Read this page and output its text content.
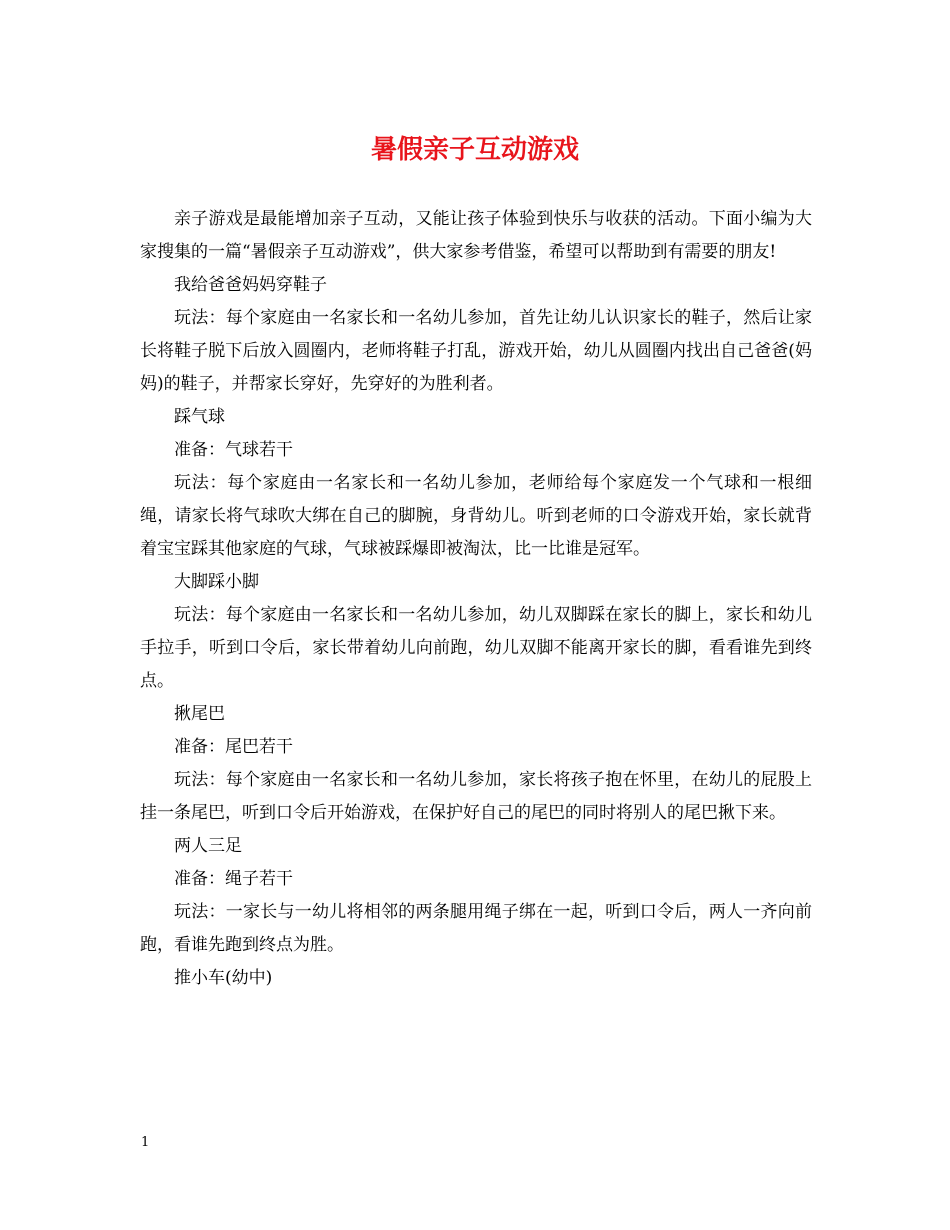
暑假亲子互动游戏

亲子游戏是最能增加亲子互动，又能让孩子体验到快乐与收获的活动。下面小编为大家搜集的一篇“暑假亲子互动游戏”，供大家参考借鉴，希望可以帮助到有需要的朋友!

我给爸爸妈妈穿鞋子

玩法：每个家庭由一名家长和一名幼儿参加，首先让幼儿认识家长的鞋子，然后让家长将鞋子脱下后放入圆圈内，老师将鞋子打乱，游戏开始，幼儿从圆圈内找出自己爸爸(妈妈)的鞋子，并帮家长穿好，先穿好的为胜利者。

踩气球

准备：气球若干

玩法：每个家庭由一名家长和一名幼儿参加，老师给每个家庭发一个气球和一根细绳，请家长将气球吹大绑在自己的脚腕，身背幼儿。听到老师的口令游戏开始，家长就背着宝宝踩其他家庭的气球，气球被踩爆即被淘汰，比一比谁是冠军。

大脚踩小脚

玩法：每个家庭由一名家长和一名幼儿参加，幼儿双脚踩在家长的脚上，家长和幼儿手拉手，听到口令后，家长带着幼儿向前跑，幼儿双脚不能离开家长的脚，看看谁先到终点。

揪尾巴

准备：尾巴若干

玩法：每个家庭由一名家长和一名幼儿参加，家长将孩子抱在怀里，在幼儿的屁股上挂一条尾巴，听到口令后开始游戏，在保护好自己的尾巴的同时将别人的尾巴揪下来。

两人三足

准备：绳子若干

玩法：一家长与一幼儿将相邻的两条腿用绳子绑在一起，听到口令后，两人一齐向前跑，看谁先跑到终点为胜。

推小车(幼中)

1
